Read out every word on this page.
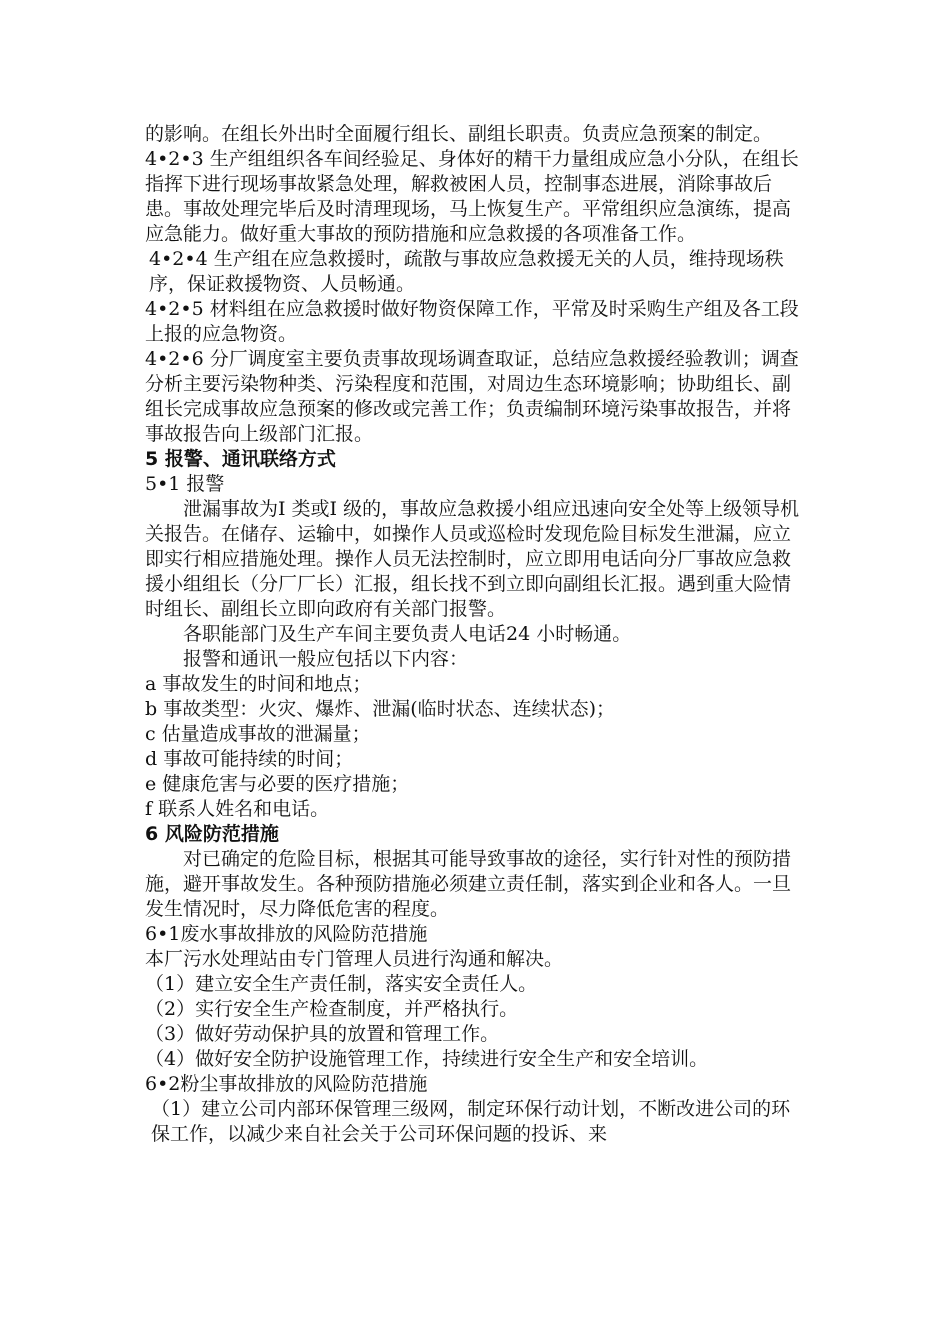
的影响。在组长外出时全面履行组长、副组长职责。负责应急预案的制定。

4•2•3 生产组组织各车间经验足、身体好的精干力量组成应急小分队，在组长指挥下进行现场事故紧急处理，解救被困人员，控制事态进展，消除事故后患。事故处理完毕后及时清理现场，马上恢复生产。平常组织应急演练，提高应急能力。做好重大事故的预防措施和应急救援的各项准备工作。

4•2•4 生产组在应急救援时，疏散与事故应急救援无关的人员，维持现场秩序，保证救援物资、人员畅通。

4•2•5 材料组在应急救援时做好物资保障工作，平常及时采购生产组及各工段上报的应急物资。

4•2•6 分厂调度室主要负责事故现场调查取证，总结应急救援经验教训；调查分析主要污染物种类、污染程度和范围，对周边生态环境影响；协助组长、副组长完成事故应急预案的修改或完善工作；负责编制环境污染事故报告，并将事故报告向上级部门汇报。

5 报警、通讯联络方式

5•1 报警

泄漏事故为I 类或I 级的，事故应急救援小组应迅速向安全处等上级领导机关报告。在储存、运输中，如操作人员或巡检时发现危险目标发生泄漏，应立即实行相应措施处理。操作人员无法控制时，应立即用电话向分厂事故应急救援小组组长（分厂厂长）汇报，组长找不到立即向副组长汇报。遇到重大险情时组长、副组长立即向政府有关部门报警。

各职能部门及生产车间主要负责人电话24 小时畅通。

报警和通讯一般应包括以下内容：

a 事故发生的时间和地点；

b 事故类型：火灾、爆炸、泄漏(临时状态、连续状态)；

c 估量造成事故的泄漏量；

d 事故可能持续的时间；

e 健康危害与必要的医疗措施；

f 联系人姓名和电话。

6 风险防范措施

对已确定的危险目标，根据其可能导致事故的途径，实行针对性的预防措施，避开事故发生。各种预防措施必须建立责任制，落实到企业和各人。一旦发生情况时，尽力降低危害的程度。

6•1废水事故排放的风险防范措施

本厂污水处理站由专门管理人员进行沟通和解决。

（1）建立安全生产责任制，落实安全责任人。

（2）实行安全生产检查制度，并严格执行。

（3）做好劳动保护具的放置和管理工作。

（4）做好安全防护设施管理工作，持续进行安全生产和安全培训。

6•2粉尘事故排放的风险防范措施

（1）建立公司内部环保管理三级网，制定环保行动计划，不断改进公司的环保工作，以减少来自社会关于公司环保问题的投诉、来
